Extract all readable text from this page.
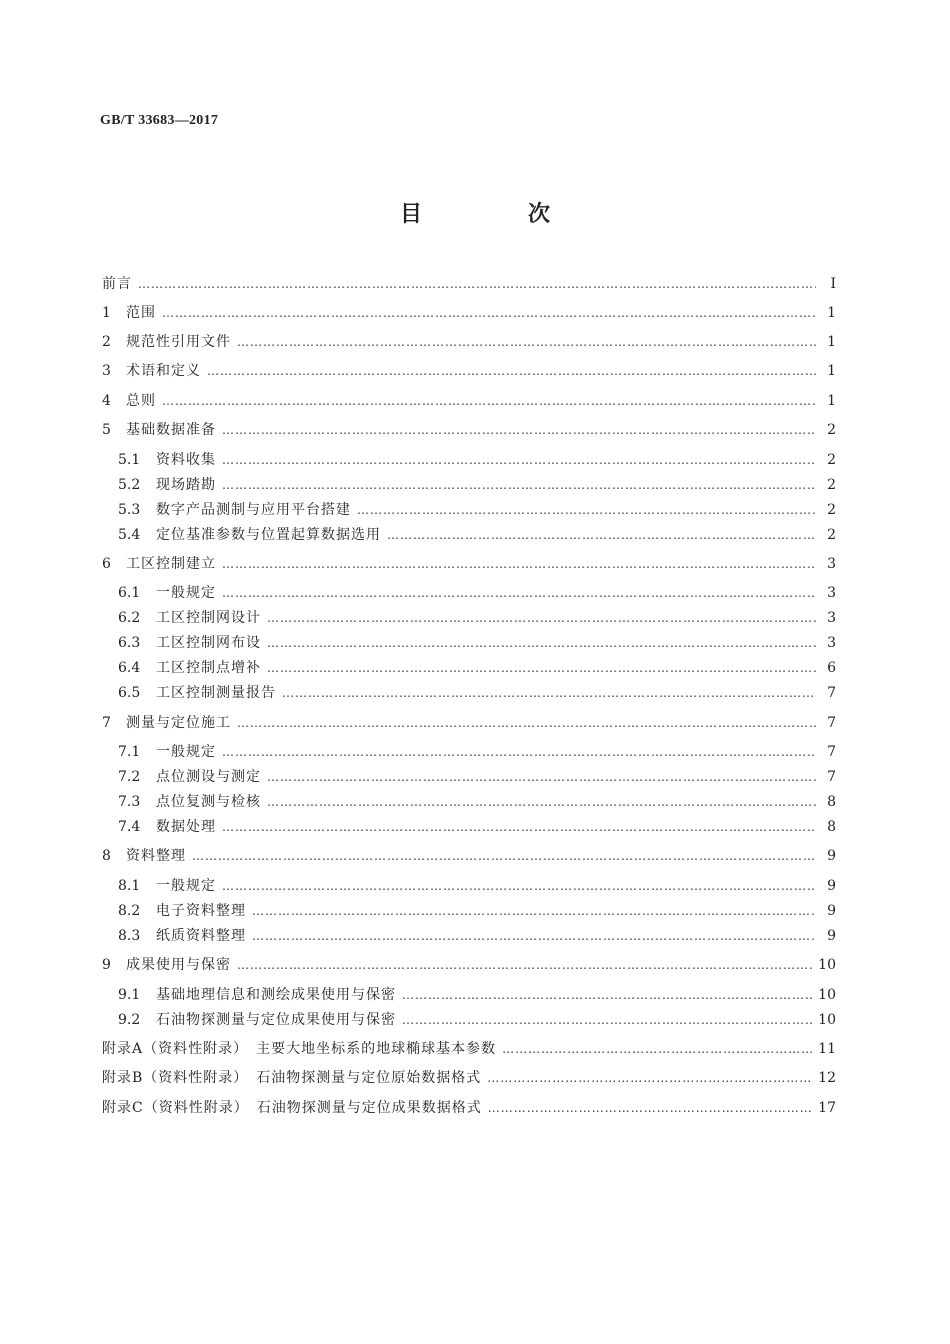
GB/T 33683—2017
目　次
前言 ………………………………………………………………………………………………………………………………………………………………………………	Ⅰ
1	范围 ………………………………………………………………………………………………………………………………………………………………………………	1
2	规范性引用文件 ………………………………………………………………………………………………………………………………………………………………………………	1
3	术语和定义 ………………………………………………………………………………………………………………………………………………………………………………	1
4	总则 ………………………………………………………………………………………………………………………………………………………………………………	1
5	基础数据准备 ………………………………………………………………………………………………………………………………………………………………………………	2
5.1	资料收集 ………………………………………………………………………………………………………………………………………………………………………………	2
5.2	现场踏勘 ………………………………………………………………………………………………………………………………………………………………………………	2
5.3	数字产品测制与应用平台搭建 ………………………………………………………………………………………………………………………………………………………………………………	2
5.4	定位基准参数与位置起算数据选用 ………………………………………………………………………………………………………………………………………………………………………………	2
6	工区控制建立 ………………………………………………………………………………………………………………………………………………………………………………	3
6.1	一般规定 ………………………………………………………………………………………………………………………………………………………………………………	3
6.2	工区控制网设计 ………………………………………………………………………………………………………………………………………………………………………………	3
6.3	工区控制网布设 ………………………………………………………………………………………………………………………………………………………………………………	3
6.4	工区控制点增补 ………………………………………………………………………………………………………………………………………………………………………………	6
6.5	工区控制测量报告 ………………………………………………………………………………………………………………………………………………………………………………	7
7	测量与定位施工 ………………………………………………………………………………………………………………………………………………………………………………	7
7.1	一般规定 ………………………………………………………………………………………………………………………………………………………………………………	7
7.2	点位测设与测定 ………………………………………………………………………………………………………………………………………………………………………………	7
7.3	点位复测与检核 ………………………………………………………………………………………………………………………………………………………………………………	8
7.4	数据处理 ………………………………………………………………………………………………………………………………………………………………………………	8
8	资料整理 ………………………………………………………………………………………………………………………………………………………………………………	9
8.1	一般规定 ………………………………………………………………………………………………………………………………………………………………………………	9
8.2	电子资料整理 ………………………………………………………………………………………………………………………………………………………………………………	9
8.3	纸质资料整理 ………………………………………………………………………………………………………………………………………………………………………………	9
9	成果使用与保密 ………………………………………………………………………………………………………………………………………………………………………………	10
9.1	基础地理信息和测绘成果使用与保密 ………………………………………………………………………………………………………………………………………………………………………………	10
9.2	石油物探测量与定位成果使用与保密 ………………………………………………………………………………………………………………………………………………………………………………	10
附录A（资料性附录）　主要大地坐标系的地球椭球基本参数 ………………………………………………………………………………………………………………………………………………………………………………	11
附录B（资料性附录）　石油物探测量与定位原始数据格式 ………………………………………………………………………………………………………………………………………………………………………………	12
附录C（资料性附录）　石油物探测量与定位成果数据格式 ………………………………………………………………………………………………………………………………………………………………………………	17
